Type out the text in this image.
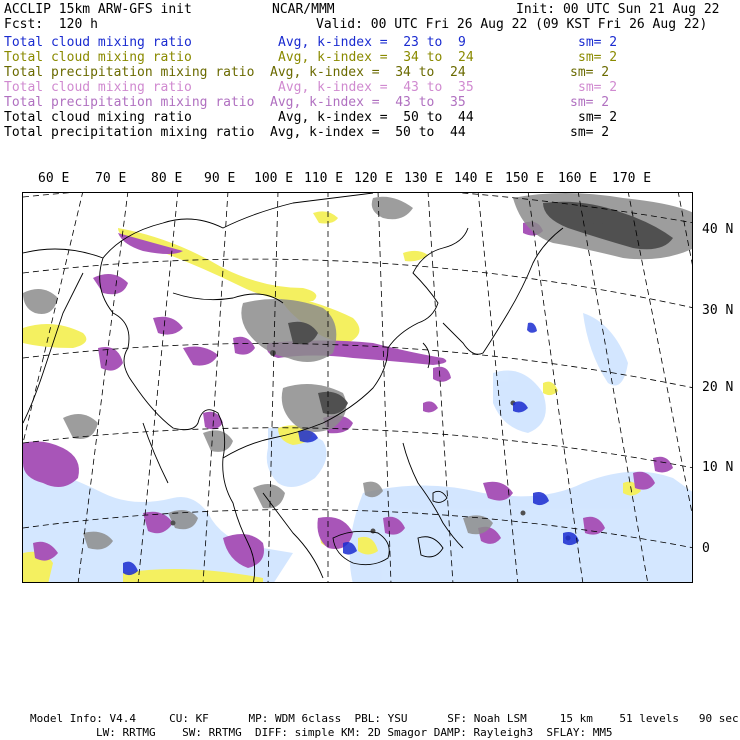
ACCLIP 15km ARW-GFS init	NCAR/MMM	Init: 00 UTC Sun 21 Aug 22
Fcst:  120 h	Valid: 00 UTC Fri 26 Aug 22 (09 KST Fri 26 Aug 22)
Total cloud mixing ratio	Avg, k-index =  23 to  9	sm= 2
Total cloud mixing ratio	Avg, k-index =  34 to  24	sm= 2
Total precipitation mixing ratio Avg, k-index =  34 to  24	sm= 2
Total cloud mixing ratio	Avg, k-index =  43 to  35	sm= 2
Total precipitation mixing ratio Avg, k-index =  43 to  35	sm= 2
Total cloud mixing ratio	Avg, k-index =  50 to  44	sm= 2
Total precipitation mixing ratio Avg, k-index =  50 to  44	sm= 2
60 E 70 E 80 E 90 E 100 E 110 E 120 E 130 E 140 E 150 E 160 E 170 E
40 N
30 N
20 N
10 N
0
Model Info: V4.4     CU: KF      MP: WDM 6class  PBL: YSU      SF: Noah LSM     15 km    51 levels   90 sec
LW: RRTMG    SW: RRTMG  DIFF: simple KM: 2D Smagor DAMP: Rayleigh3  SFLAY: MM5
